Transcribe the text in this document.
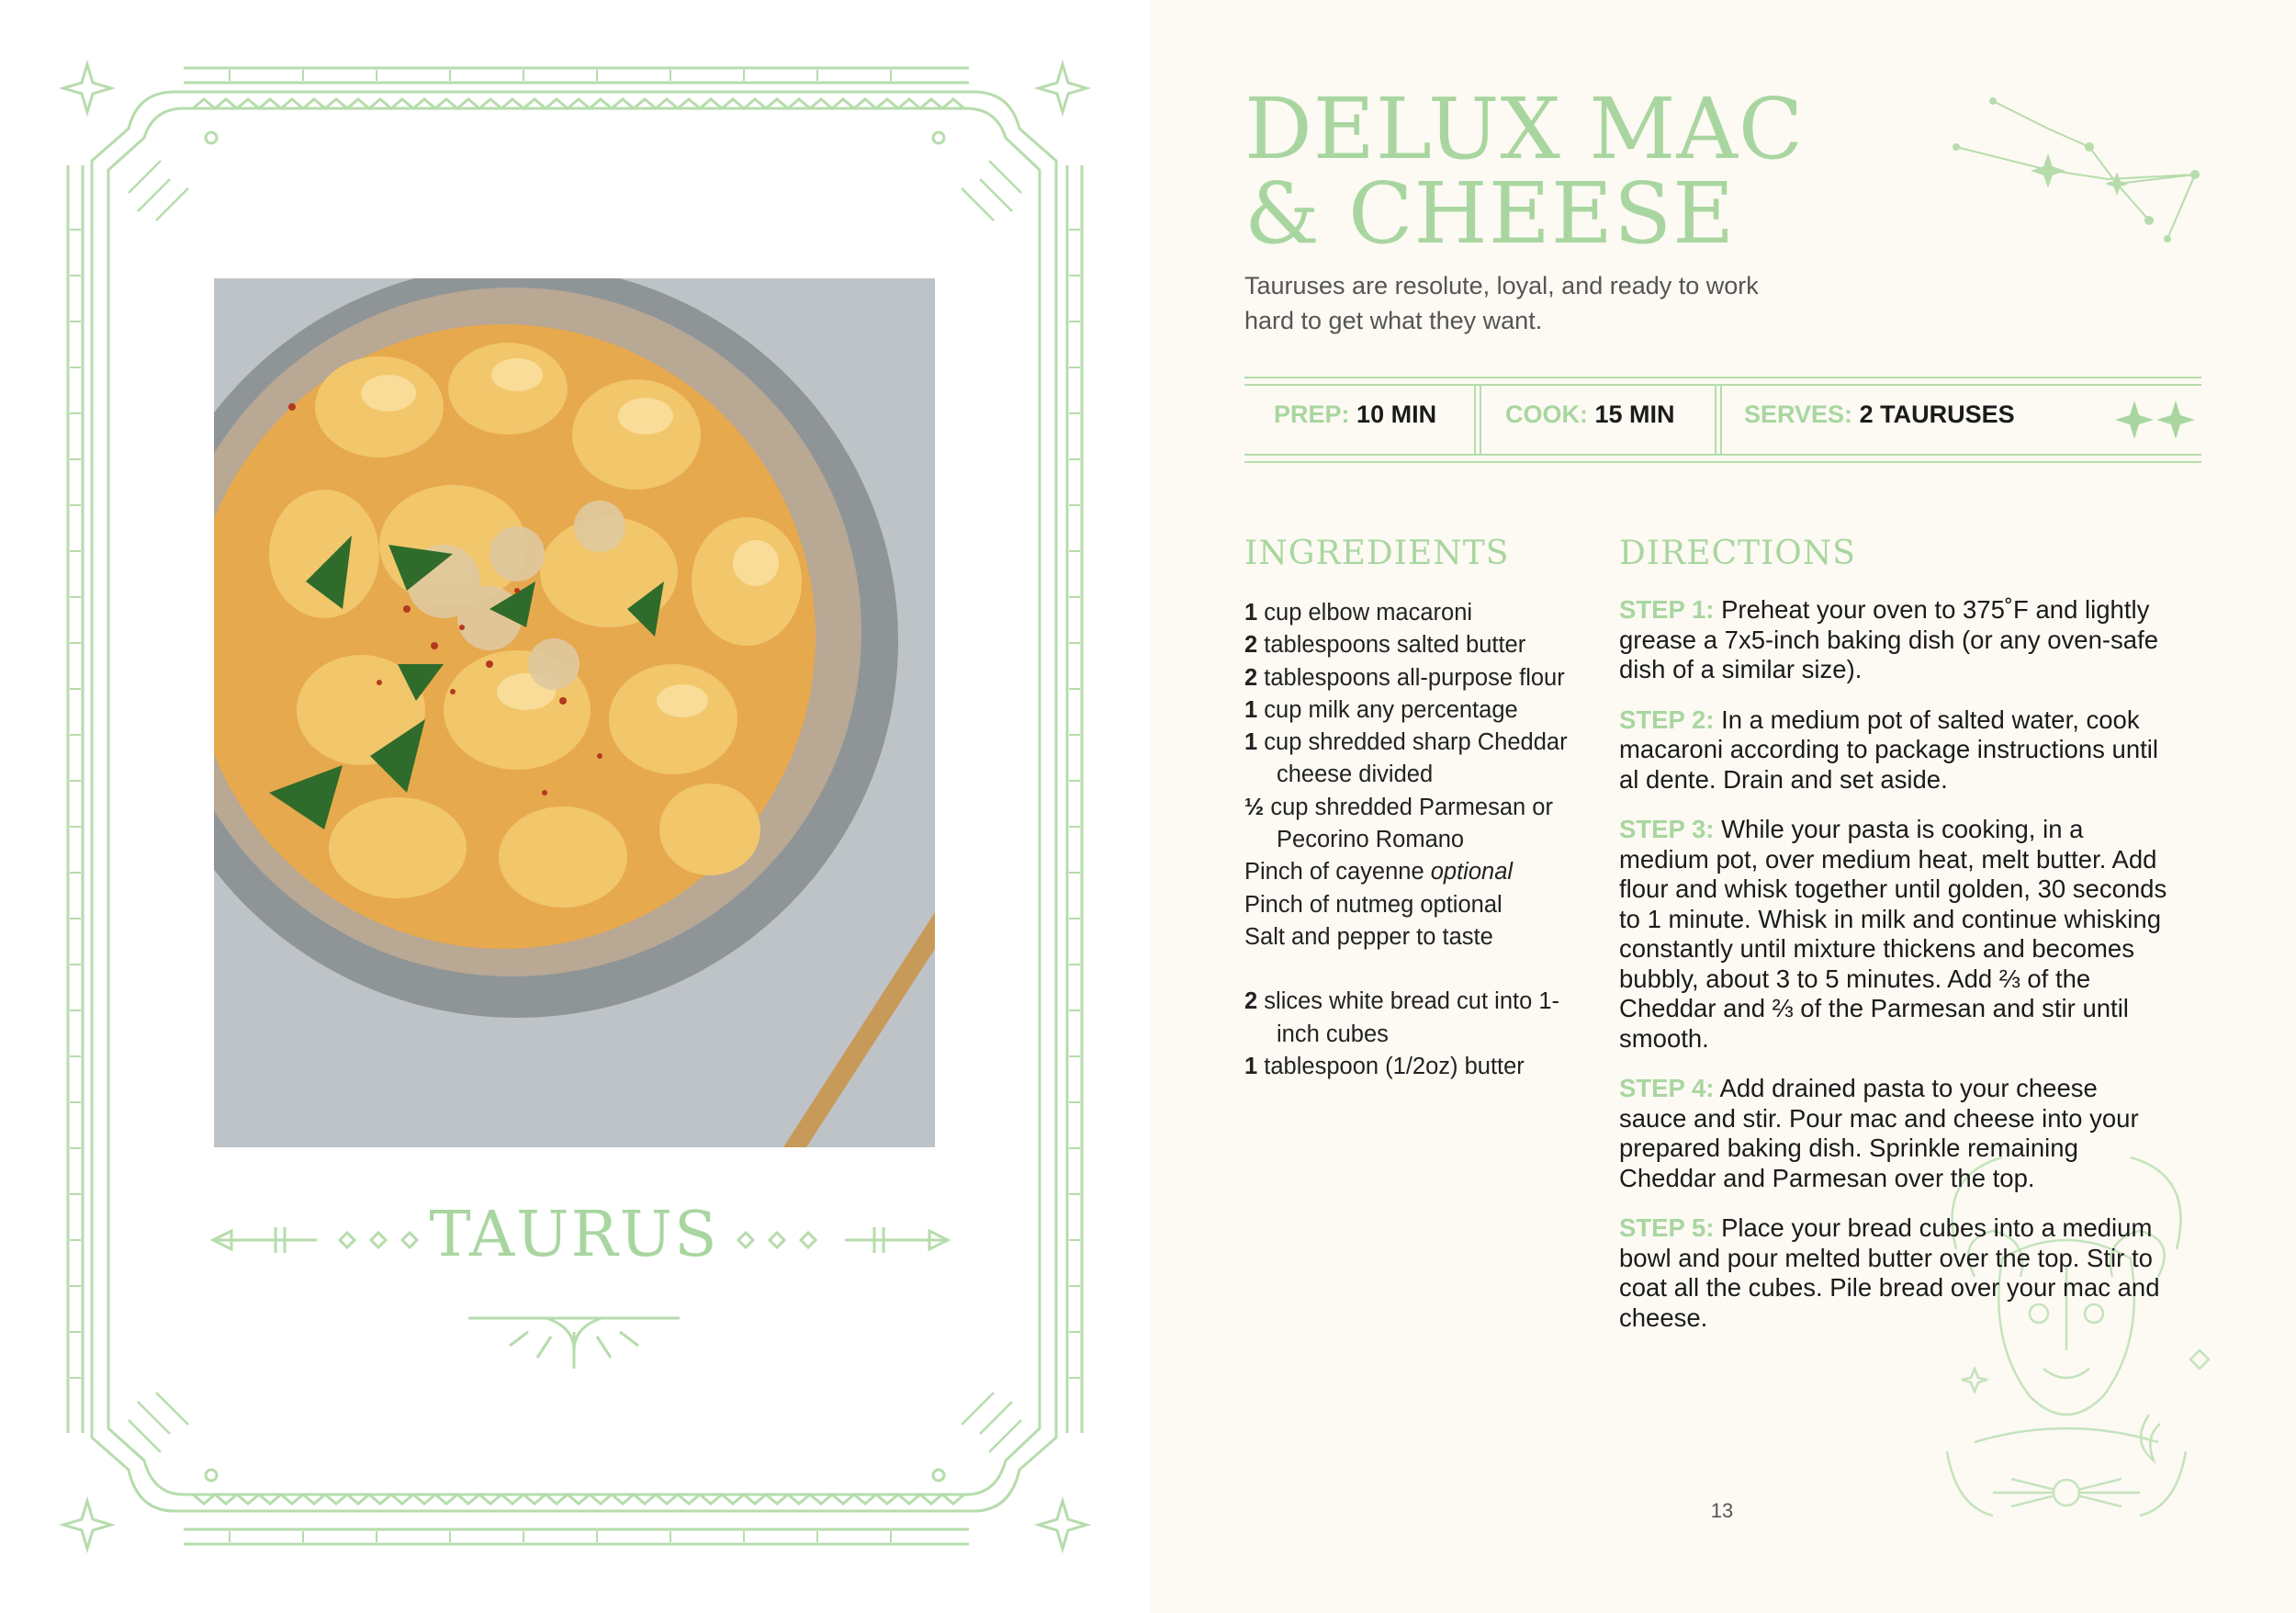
TAURUS
DELUX MAC
& CHEESE
Tauruses are resolute, loyal, and ready to work hard to get what they want.
PREP: 10 MIN	COOK: 15 MIN	SERVES: 2 TAURUSES
INGREDIENTS	DIRECTIONS
1 cup elbow macaroni
2 tablespoons salted butter
2 tablespoons all-purpose flour
1 cup milk any percentage
1 cup shredded sharp Cheddar cheese divided
½ cup shredded Parmesan or Pecorino Romano
Pinch of cayenne optional
Pinch of nutmeg optional
Salt and pepper to taste
2 slices white bread cut into 1-inch cubes
1 tablespoon (1/2oz) butter

STEP 1: Preheat your oven to 375˚F and lightly grease a 7x5-inch baking dish (or any oven-safe dish of a similar size).

STEP 2: In a medium pot of salted water, cook macaroni according to package instructions until al dente. Drain and set aside.

STEP 3: While your pasta is cooking, in a medium pot, over medium heat, melt butter. Add flour and whisk together until golden, 30 seconds to 1 minute. Whisk in milk and continue whisking constantly until mixture thickens and becomes bubbly, about 3 to 5 minutes. Add ⅔ of the Cheddar and ⅔ of the Parmesan and stir until smooth.

STEP 4: Add drained pasta to your cheese sauce and stir. Pour mac and cheese into your prepared baking dish. Sprinkle remaining Cheddar and Parmesan over the top.

STEP 5: Place your bread cubes into a medium bowl and pour melted butter over the top. Stir to coat all the cubes. Pile bread over your mac and cheese.

13
